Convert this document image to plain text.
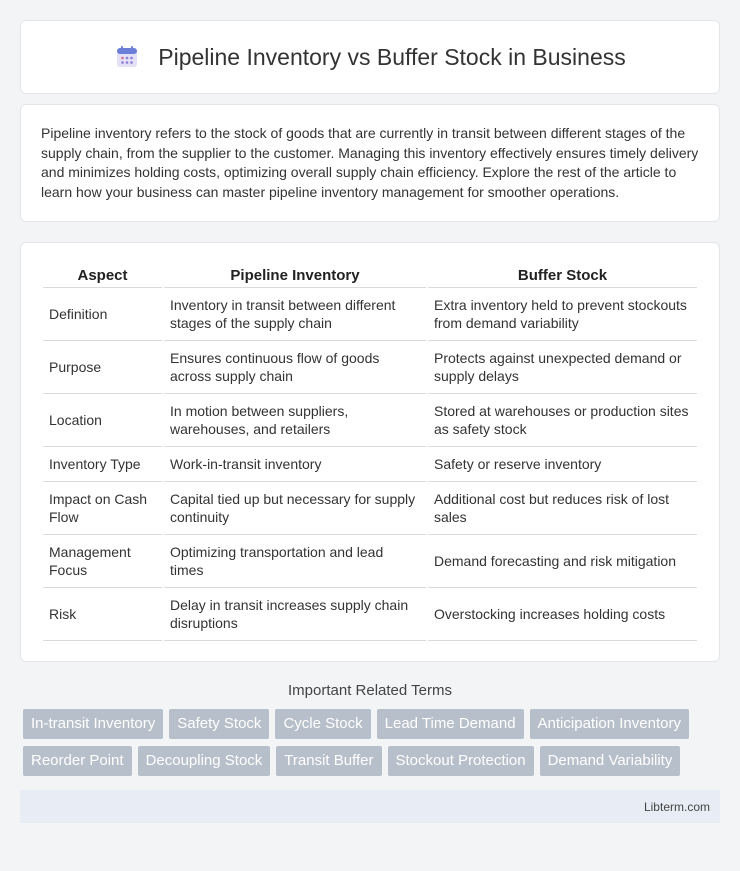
Pipeline Inventory vs Buffer Stock in Business

Pipeline inventory refers to the stock of goods that are currently in transit between different stages of the supply chain, from the supplier to the customer. Managing this inventory effectively ensures timely delivery and minimizes holding costs, optimizing overall supply chain efficiency. Explore the rest of the article to learn how your business can master pipeline inventory management for smoother operations.

Aspect	Pipeline Inventory	Buffer Stock
Definition	Inventory in transit between different stages of the supply chain	Extra inventory held to prevent stockouts from demand variability
Purpose	Ensures continuous flow of goods across supply chain	Protects against unexpected demand or supply delays
Location	In motion between suppliers, warehouses, and retailers	Stored at warehouses or production sites as safety stock
Inventory Type	Work-in-transit inventory	Safety or reserve inventory
Impact on Cash Flow	Capital tied up but necessary for supply continuity	Additional cost but reduces risk of lost sales
Management Focus	Optimizing transportation and lead times	Demand forecasting and risk mitigation
Risk	Delay in transit increases supply chain disruptions	Overstocking increases holding costs
Important Related Terms
In-transit Inventory	Safety Stock	Cycle Stock	Lead Time Demand	Anticipation Inventory
Reorder Point	Decoupling Stock	Transit Buffer	Stockout Protection	Demand Variability
Libterm.com
